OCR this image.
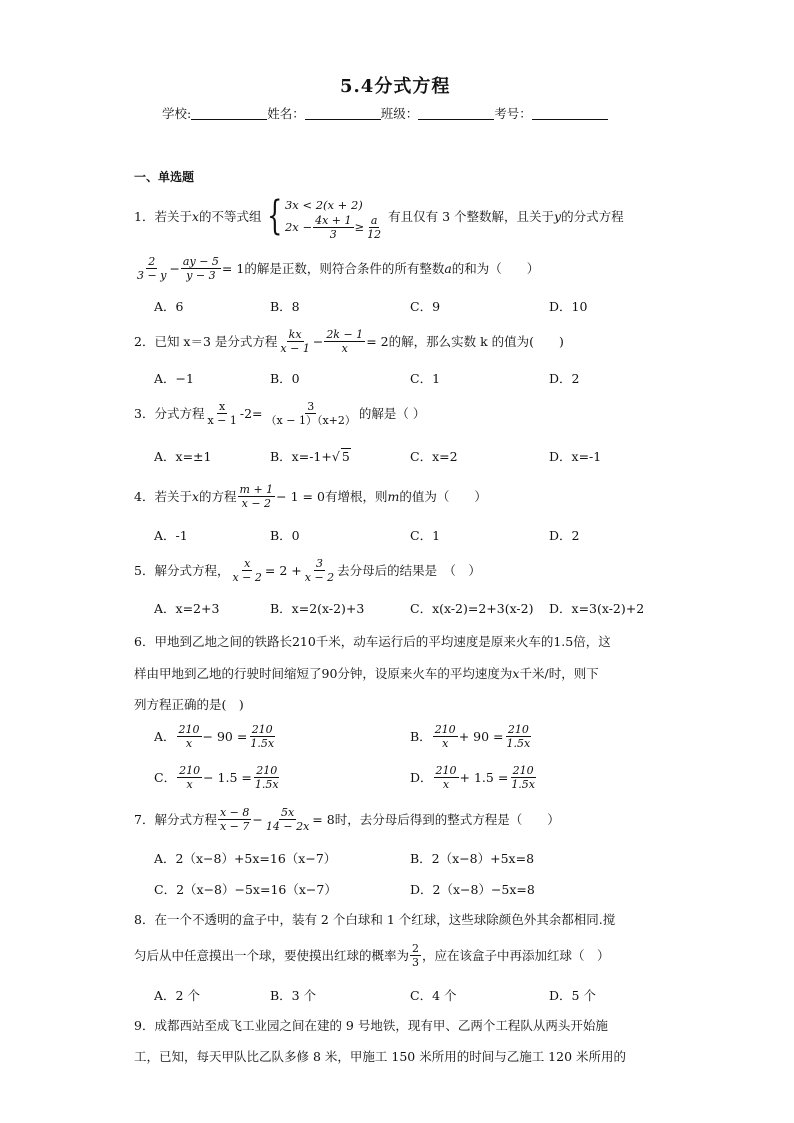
5.4分式方程
学校:	姓名：	班级：	考号：
一、单选题
1．若关于 x 的不等式组 { 3x < 2(x + 2)
$2x - \frac{4x + 1}{3} \ge \frac{a}{12}$ 有且仅有 3 个整数解，且关于 y 的分式方程
$\frac{2}{3 - y} - \frac{ay - 5}{y - 3} = 1$ 的解是正数，则符合条件的所有整数 a 的和为（　　）
A．6	B．8	C．9	D．10
2．已知 x＝3 是分式方程 $\frac{kx}{x - 1} - \frac{2k - 1}{x} = 2$ 的解，那么实数 k 的值为(　　)
A．−1	B．0	C．1	D．2
3．分式方程 $\frac{x}{x - 1} -2= \frac{3}{(x - 1)(x+2)}$ 的解是（ ）
A．x=±1	B．x=-1+√ 5	C．x=2	D．x=-1
4．若关于 x 的方程 $\frac{m + 1}{x - 2} - 1 = 0$ 有增根，则 m 的值为（　　）
A．-1	B．0	C．1	D．2
5．解分式方程， $\frac{x}{x - 2} = 2 + \frac{3}{x - 2}$ 去分母后的结果是　（　）
A．x=2+3	B．x=2(x-2)+3	C．x(x-2)=2+3(x-2) D．x=3(x-2)+2
6．甲地到乙地之间的铁路长210千米，动车运行后的平均速度是原来火车的1.5倍，这
样由甲地到乙地的行驶时间缩短了90分钟，设原来火车的平均速度为x千米/时，则下
列方程正确的是(　)
A． $\frac{210}{x} - 90 = \frac{210}{1.5x}$	B． $\frac{210}{x} + 90 = \frac{210}{1.5x}$
C． $\frac{210}{x} - 1.5 = \frac{210}{1.5x}$	D． $\frac{210}{x} + 1.5 = \frac{210}{1.5x}$
7．解分式方程 $\frac{x - 8}{x - 7} - \frac{5x}{14 - 2x} = 8$ 时，去分母后得到的整式方程是（　　）
A．2（x−8）+5x=16（x−7）	B．2（x−8）+5x=8
C．2（x−8）−5x=16（x−7）	D．2（x−8）−5x=8
8．在一个不透明的盒子中，装有 2 个白球和 1 个红球，这些球除颜色外其余都相同.搅
匀后从中任意摸出一个球，要使摸出红球的概率为 $\frac{2}{3}$ ，应在该盒子中再添加红球（　）
A．2 个	B．3 个	C．4 个	D．5 个
9．成都西站至成飞工业园之间在建的 9 号地铁，现有甲、乙两个工程队从两头开始施
工，已知，每天甲队比乙队多修 8 米，甲施工 150 米所用的时间与乙施工 120 米所用的
